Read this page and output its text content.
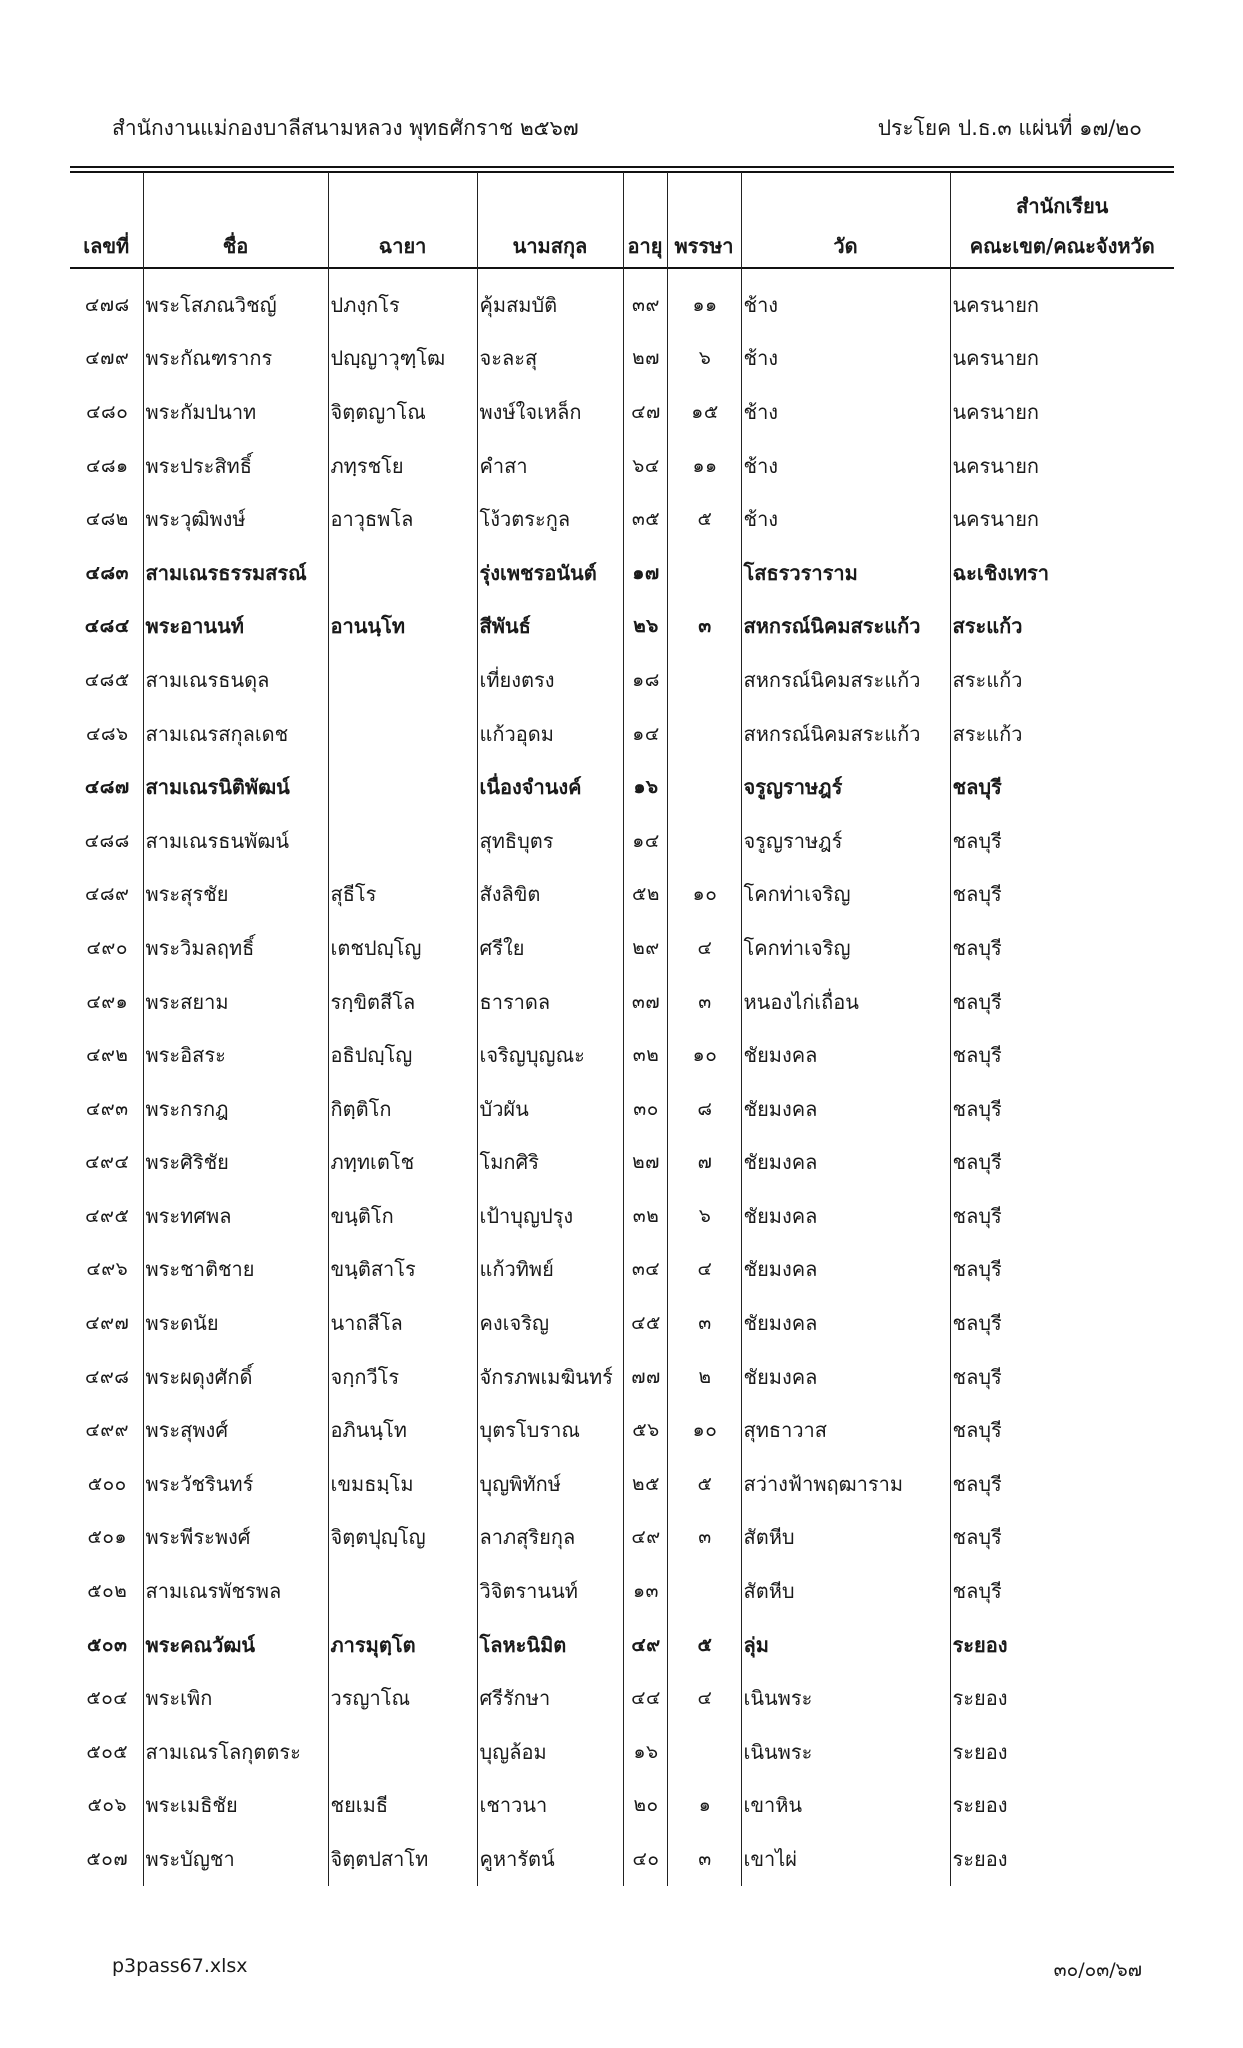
สำนักงานแม่กองบาลีสนามหลวง พุทธศักราช ๒๕๖๗	ประโยค ป.ธ.๓ แผ่นที่ ๑๗/๒๐
เลขที่	ชื่อ	ฉายา	นามสกุล	อายุ	พรรษา	วัด	สำนักเรียน
คณะเขต/คณะจังหวัด

๔๗๘	พระโสภณวิชญ์	ปภงฺกโร	คุ้มสมบัติ	๓๙	๑๑	ช้าง	นครนายก
๔๗๙	พระกัณฑรากร	ปญฺญาวุฑฺโฒ	จะละสุ	๒๗	๖	ช้าง	นครนายก
๔๘๐	พระกัมปนาท	จิตฺตญาโณ	พงษ์ใจเหล็ก	๔๗	๑๕	ช้าง	นครนายก
๔๘๑	พระประสิทธิ์	ภทฺรชโย	คำสา	๖๔	๑๑	ช้าง	นครนายก
๔๘๒	พระวุฒิพงษ์	อาวุธพโล	โง้วตระกูล	๓๕	๕	ช้าง	นครนายก
๔๘๓	สามเณรธรรมสรณ์		รุ่งเพชรอนันต์	๑๗		โสธรวราราม	ฉะเชิงเทรา
๔๘๔	พระอานนท์	อานนฺโท	สีพันธ์	๒๖	๓	สหกรณ์นิคมสระแก้ว	สระแก้ว
๔๘๕	สามเณรธนดุล		เที่ยงตรง	๑๘		สหกรณ์นิคมสระแก้ว	สระแก้ว
๔๘๖	สามเณรสกุลเดช		แก้วอุดม	๑๔		สหกรณ์นิคมสระแก้ว	สระแก้ว
๔๘๗	สามเณรนิติพัฒน์		เนื่องจำนงค์	๑๖		จรูญราษฎร์	ชลบุรี
๔๘๘	สามเณรธนพัฒน์		สุทธิบุตร	๑๔		จรูญราษฎร์	ชลบุรี
๔๘๙	พระสุรชัย	สุธีโร	สังลิขิต	๕๒	๑๐	โคกท่าเจริญ	ชลบุรี
๔๙๐	พระวิมลฤทธิ์	เตชปญฺโญ	ศรีใย	๒๙	๔	โคกท่าเจริญ	ชลบุรี
๔๙๑	พระสยาม	รกฺขิตสีโล	ธาราดล	๓๗	๓	หนองไก่เถื่อน	ชลบุรี
๔๙๒	พระอิสระ	อธิปญฺโญ	เจริญบุญณะ	๓๒	๑๐	ชัยมงคล	ชลบุรี
๔๙๓	พระกรกฎ	กิตฺติโก	บัวผัน	๓๐	๘	ชัยมงคล	ชลบุรี
๔๙๔	พระศิริชัย	ภทฺทเตโช	โมกศิริ	๒๗	๗	ชัยมงคล	ชลบุรี
๔๙๕	พระทศพล	ขนฺติโก	เป้าบุญปรุง	๓๒	๖	ชัยมงคล	ชลบุรี
๔๙๖	พระชาติชาย	ขนฺติสาโร	แก้วทิพย์	๓๔	๔	ชัยมงคล	ชลบุรี
๔๙๗	พระดนัย	นาถสีโล	คงเจริญ	๔๕	๓	ชัยมงคล	ชลบุรี
๔๙๘	พระผดุงศักดิ์	จกฺกวีโร	จักรภพเมฆินทร์	๗๗	๒	ชัยมงคล	ชลบุรี
๔๙๙	พระสุพงศ์	อภินนฺโท	บุตรโบราณ	๕๖	๑๐	สุทธาวาส	ชลบุรี
๕๐๐	พระวัชรินทร์	เขมธมฺโม	บุญพิทักษ์	๒๕	๕	สว่างฟ้าพฤฒาราม	ชลบุรี
๕๐๑	พระพีระพงศ์	จิตฺตปุญฺโญ	ลาภสุริยกุล	๔๙	๓	สัตหีบ	ชลบุรี
๕๐๒	สามเณรพัชรพล		วิจิตรานนท์	๑๓		สัตหีบ	ชลบุรี
๕๐๓	พระคณวัฒน์	ภารมุตฺโต	โลหะนิมิต	๔๙	๕	ลุ่ม	ระยอง
๕๐๔	พระเพิก	วรญาโณ	ศรีรักษา	๔๔	๔	เนินพระ	ระยอง
๕๐๕	สามเณรโลกุตตระ		บุญล้อม	๑๖		เนินพระ	ระยอง
๕๐๖	พระเมธิชัย	ชยเมธี	เชาวนา	๒๐	๑	เขาหิน	ระยอง
๕๐๗	พระบัญชา	จิตฺตปสาโท	คูหารัตน์	๔๐	๓	เขาไผ่	ระยอง
p3pass67.xlsx	๓๐/๐๓/๖๗
